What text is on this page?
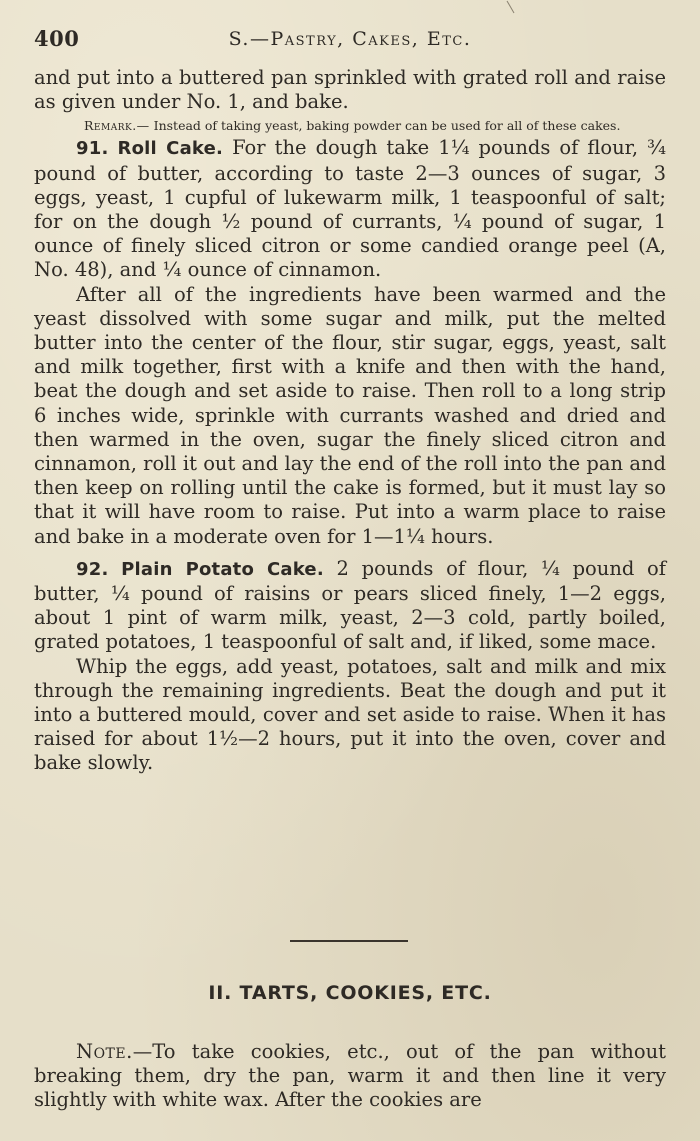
400	S.—Pastry, Cakes, Etc.

and put into a buttered pan sprinkled with grated roll and raise as given under No. 1, and bake.

Remark.— Instead of taking yeast, baking powder can be used for all of these cakes.

91. Roll Cake. For the dough take 1¼ pounds of flour, ¾ pound of butter, according to taste 2—3 ounces of sugar, 3 eggs, yeast, 1 cupful of lukewarm milk, 1 teaspoonful of salt; for on the dough ½ pound of currants, ¼ pound of sugar, 1 ounce of finely sliced citron or some candied orange peel (A, No. 48), and ¼ ounce of cinnamon.

After all of the ingredients have been warmed and the yeast dissolved with some sugar and milk, put the melted butter into the center of the flour, stir sugar, eggs, yeast, salt and milk together, first with a knife and then with the hand, beat the dough and set aside to raise. Then roll to a long strip 6 inches wide, sprinkle with currants washed and dried and then warmed in the oven, sugar the finely sliced citron and cinnamon, roll it out and lay the end of the roll into the pan and then keep on rolling until the cake is formed, but it must lay so that it will have room to raise. Put into a warm place to raise and bake in a moderate oven for 1—1¼ hours.

92. Plain Potato Cake. 2 pounds of flour, ¼ pound of butter, ¼ pound of raisins or pears sliced finely, 1—2 eggs, about 1 pint of warm milk, yeast, 2—3 cold, partly boiled, grated potatoes, 1 teaspoonful of salt and, if liked, some mace.

Whip the eggs, add yeast, potatoes, salt and milk and mix through the remaining ingredients. Beat the dough and put it into a buttered mould, cover and set aside to raise. When it has raised for about 1½—2 hours, put it into the oven, cover and bake slowly.

II. TARTS, COOKIES, ETC.

Note.—To take cookies, etc., out of the pan without breaking them, dry the pan, warm it and then line it very slightly with white wax. After the cookies are
